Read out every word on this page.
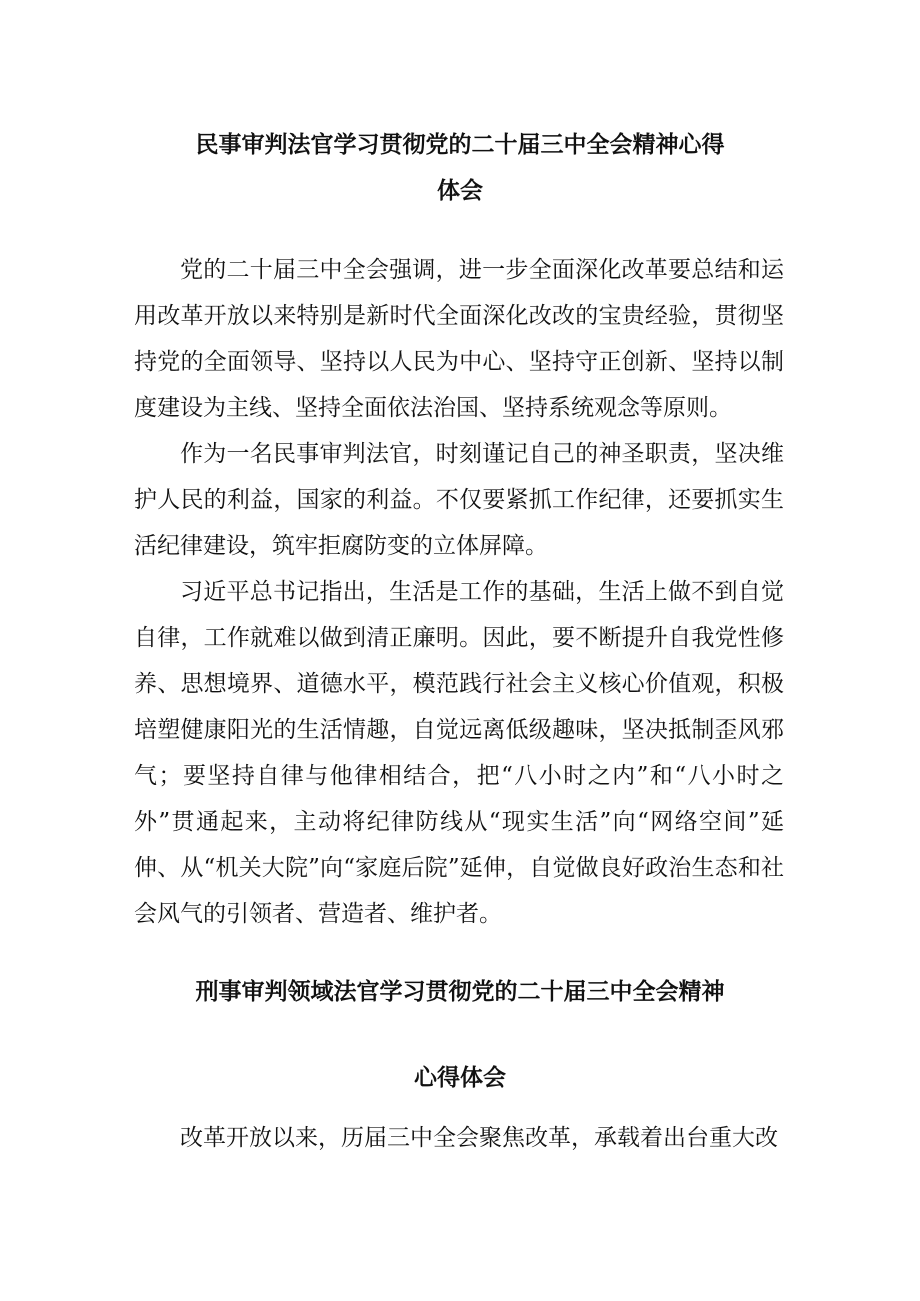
民事审判法官学习贯彻党的二十届三中全会精神心得
体会

党的二十届三中全会强调，进一步全面深化改革要总结和运用改革开放以来特别是新时代全面深化改改的宝贵经验，贯彻坚持党的全面领导、坚持以人民为中心、坚持守正创新、坚持以制度建设为主线、坚持全面依法治国、坚持系统观念等原则。

作为一名民事审判法官，时刻谨记自己的神圣职责，坚决维护人民的利益，国家的利益。不仅要紧抓工作纪律，还要抓实生活纪律建设，筑牢拒腐防变的立体屏障。

习近平总书记指出，生活是工作的基础，生活上做不到自觉自律，工作就难以做到清正廉明。因此，要不断提升自我党性修养、思想境界、道德水平，模范践行社会主义核心价值观，积极培塑健康阳光的生活情趣，自觉远离低级趣味，坚决抵制歪风邪气；要坚持自律与他律相结合，把“八小时之内”和“八小时之外”贯通起来，主动将纪律防线从“现实生活”向“网络空间”延伸、从“机关大院”向“家庭后院”延伸，自觉做良好政治生态和社会风气的引领者、营造者、维护者。

刑事审判领域法官学习贯彻党的二十届三中全会精神
心得体会

改革开放以来，历届三中全会聚焦改革，承载着出台重大改
